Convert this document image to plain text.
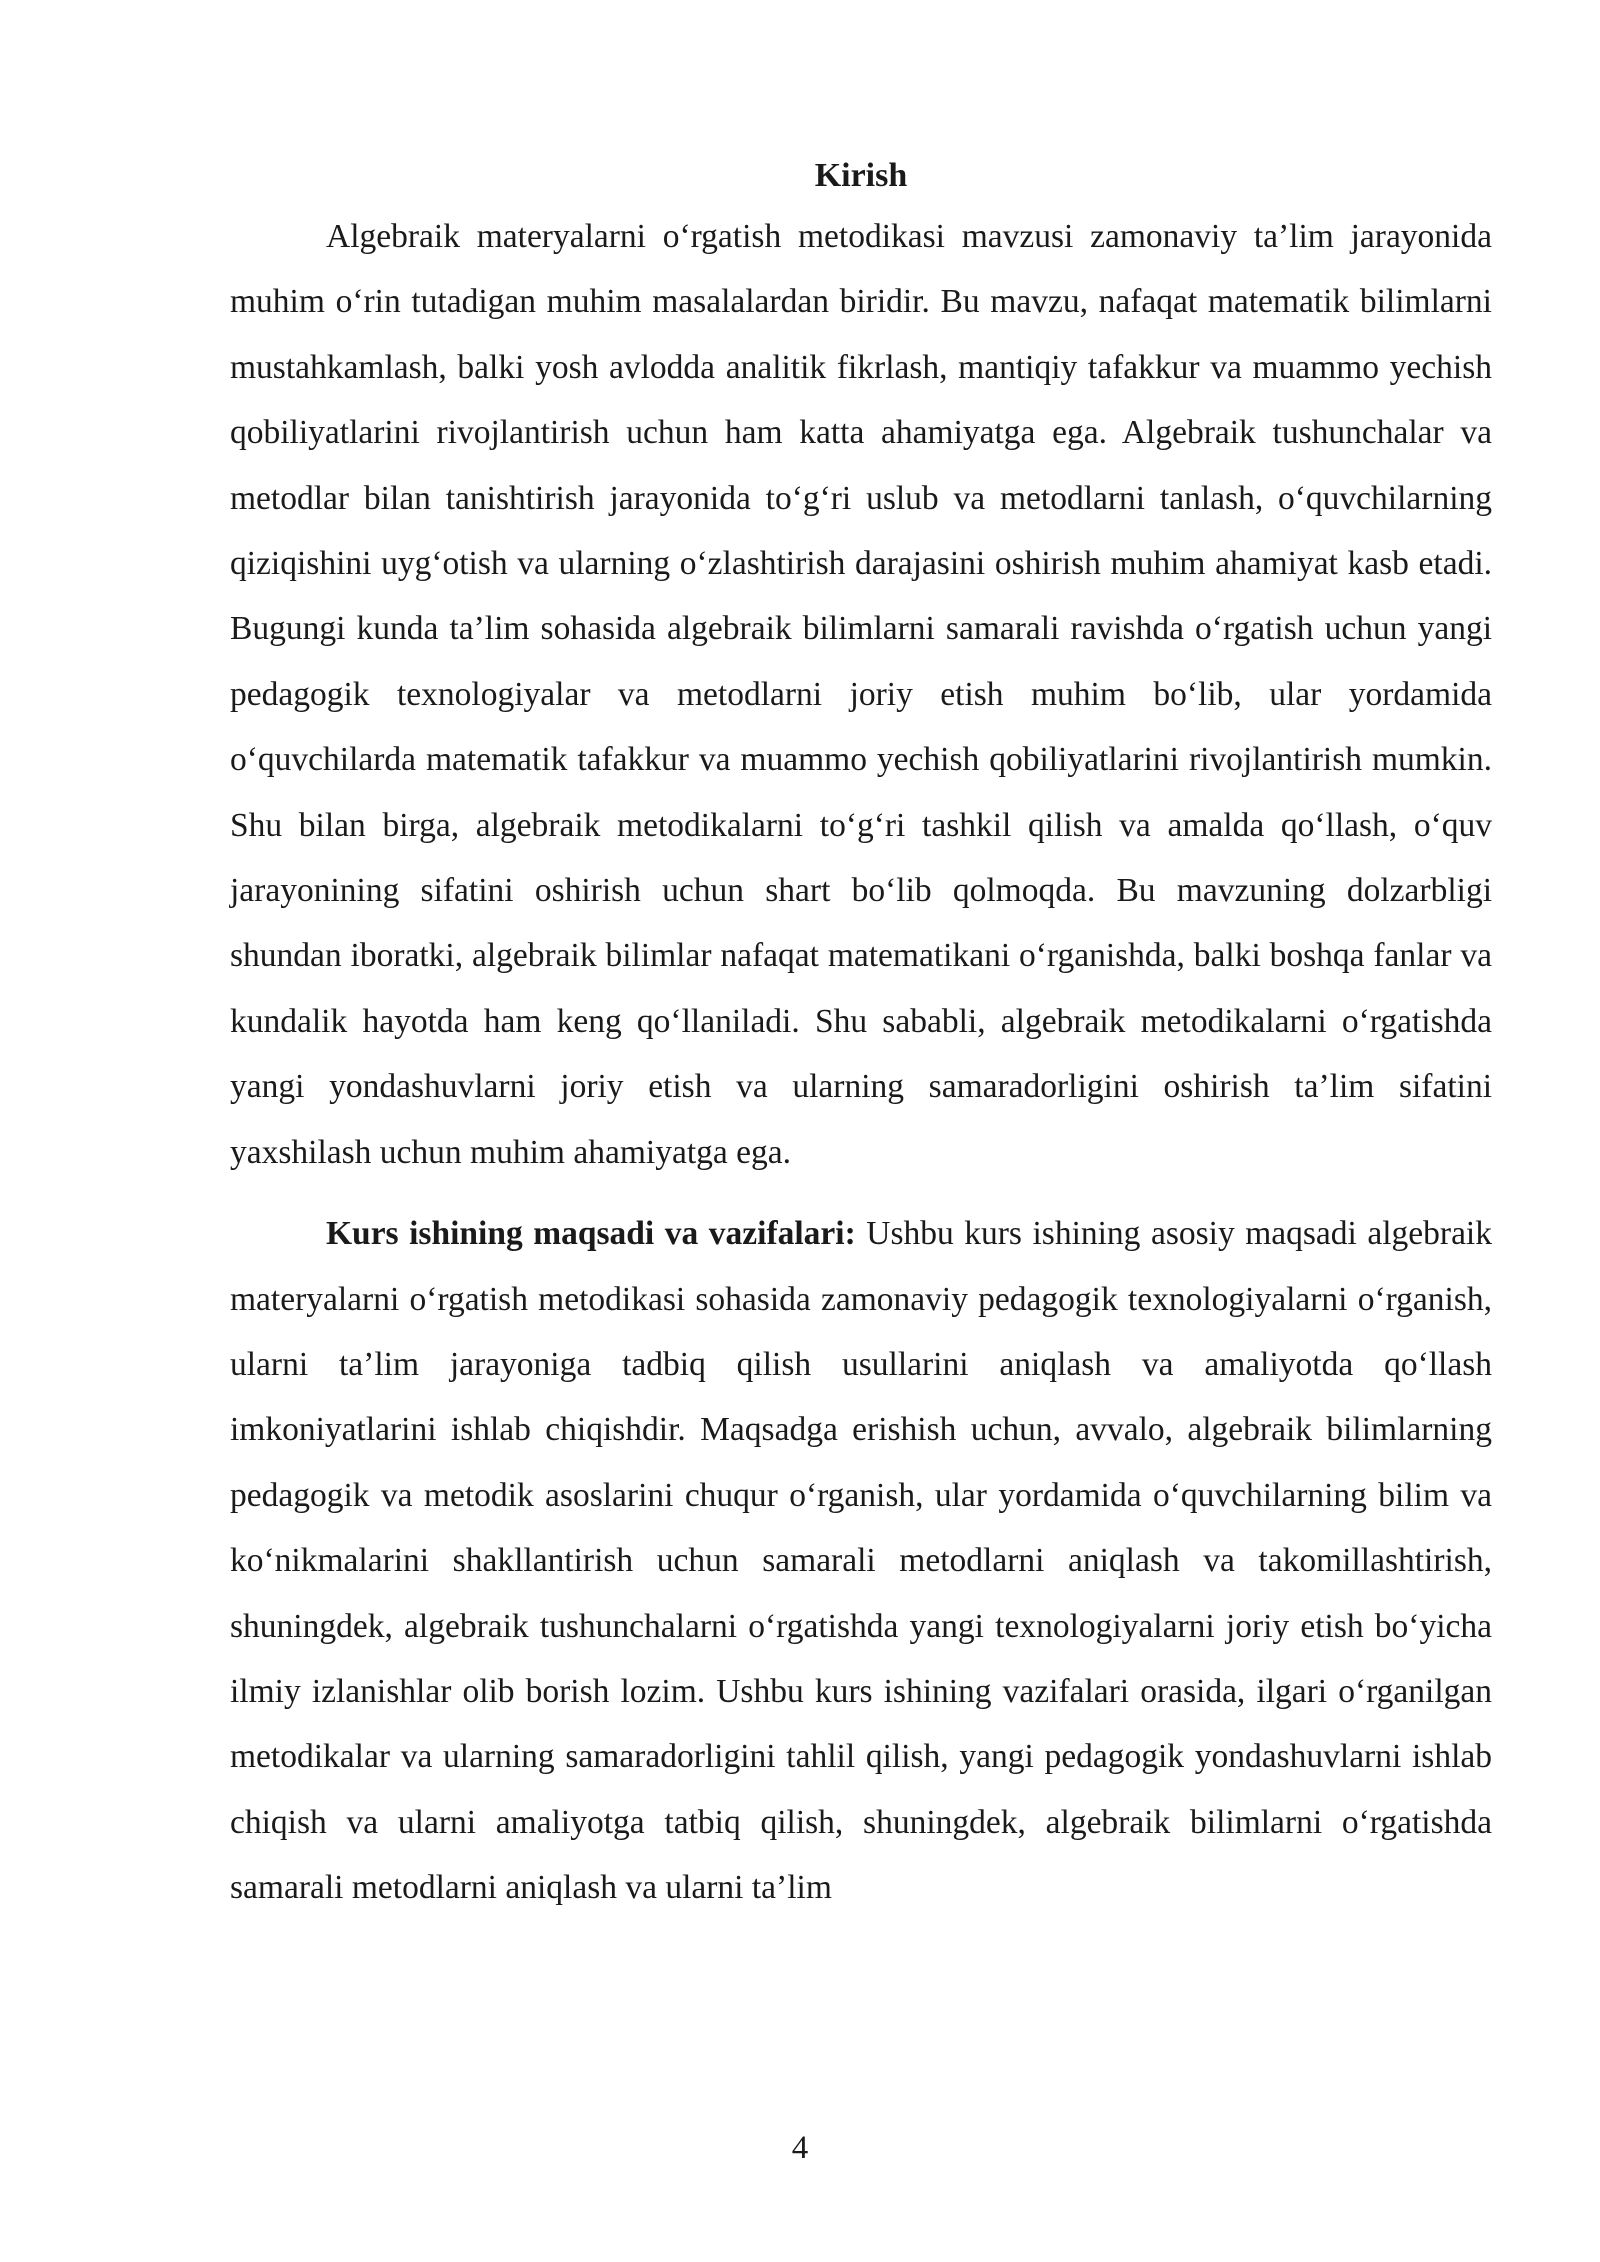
Kirish

Algebraik materyalarni o‘rgatish metodikasi mavzusi zamonaviy ta’lim jarayonida muhim o‘rin tutadigan muhim masalalardan biridir. Bu mavzu, nafaqat matematik bilimlarni mustahkamlash, balki yosh avlodda analitik fikrlash, mantiqiy tafakkur va muammo yechish qobiliyatlarini rivojlantirish uchun ham katta ahamiyatga ega. Algebraik tushunchalar va metodlar bilan tanishtirish jarayonida to‘g‘ri uslub va metodlarni tanlash, o‘quvchilarning qiziqishini uyg‘otish va ularning o‘zlashtirish darajasini oshirish muhim ahamiyat kasb etadi. Bugungi kunda ta’lim sohasida algebraik bilimlarni samarali ravishda o‘rgatish uchun yangi pedagogik texnologiyalar va metodlarni joriy etish muhim bo‘lib, ular yordamida o‘quvchilarda matematik tafakkur va muammo yechish qobiliyatlarini rivojlantirish mumkin. Shu bilan birga, algebraik metodikalarni to‘g‘ri tashkil qilish va amalda qo‘llash, o‘quv jarayonining sifatini oshirish uchun shart bo‘lib qolmoqda. Bu mavzuning dolzarbligi shundan iboratki, algebraik bilimlar nafaqat matematikani o‘rganishda, balki boshqa fanlar va kundalik hayotda ham keng qo‘llaniladi. Shu sababli, algebraik metodikalarni o‘rgatishda yangi yondashuvlarni joriy etish va ularning samaradorligini oshirish ta’lim sifatini yaxshilash uchun muhim ahamiyatga ega.

Kurs ishining maqsadi va vazifalari: Ushbu kurs ishining asosiy maqsadi algebraik materyalarni o‘rgatish metodikasi sohasida zamonaviy pedagogik texnologiyalarni o‘rganish, ularni ta’lim jarayoniga tadbiq qilish usullarini aniqlash va amaliyotda qo‘llash imkoniyatlarini ishlab chiqishdir. Maqsadga erishish uchun, avvalo, algebraik bilimlarning pedagogik va metodik asoslarini chuqur o‘rganish, ular yordamida o‘quvchilarning bilim va ko‘nikmalarini shakllantirish uchun samarali metodlarni aniqlash va takomillashtirish, shuningdek, algebraik tushunchalarni o‘rgatishda yangi texnologiyalarni joriy etish bo‘yicha ilmiy izlanishlar olib borish lozim. Ushbu kurs ishining vazifalari orasida, ilgari o‘rganilgan metodikalar va ularning samaradorligini tahlil qilish, yangi pedagogik yondashuvlarni ishlab chiqish va ularni amaliyotga tatbiq qilish, shuningdek, algebraik bilimlarni o‘rgatishda samarali metodlarni aniqlash va ularni ta’lim

4
